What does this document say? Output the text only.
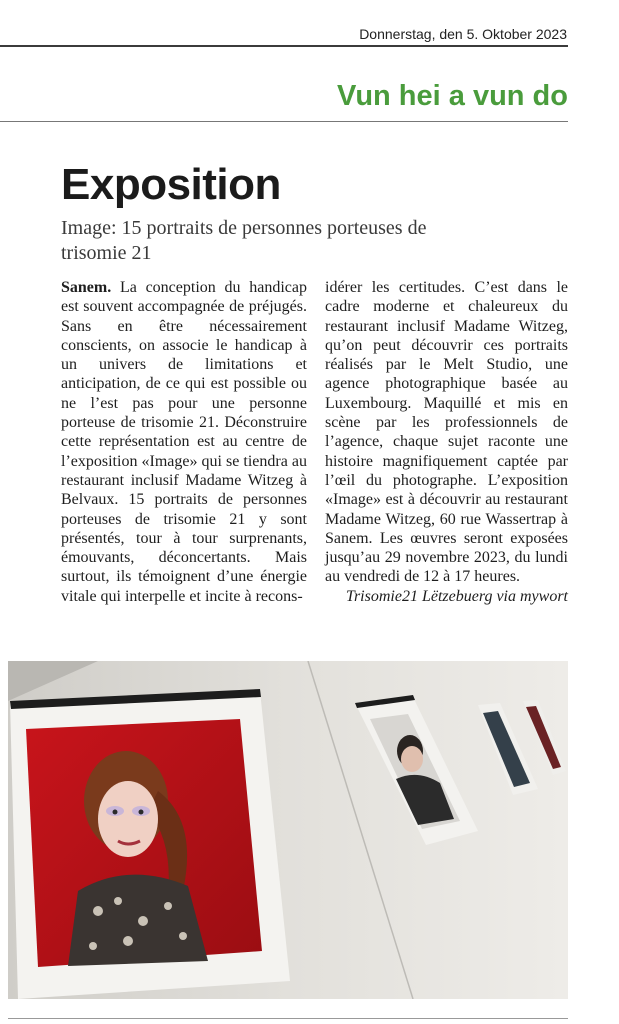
Donnerstag, den 5. Oktober 2023
Vun hei a vun do
Exposition
Image: 15 portraits de personnes porteuses de trisomie 21
Sanem. La conception du handicap est souvent accompagnée de préjugés. Sans en être nécessairement conscients, on associe le handicap à un univers de limitations et anticipation, de ce qui est possible ou ne l’est pas pour une personne porteuse de trisomie 21. Déconstruire cette représentation est au centre de l’exposition «Image» qui se tiendra au restaurant inclusif Madame Witzeg à Belvaux. 15 portraits de personnes porteuses de trisomie 21 y sont présentés, tour à tour surprenants, émouvants, déconcertants. Mais surtout, ils témoignent d’une énergie vitale qui interpelle et incite à recons-
idérer les certitudes. C’est dans le cadre moderne et chaleureux du restaurant inclusif Madame Witzeg, qu’on peut découvrir ces portraits réalisés par le Melt Studio, une agence photographique basée au Luxembourg. Maquillé et mis en scène par les professionnels de l’agence, chaque sujet raconte une histoire magnifiquement captée par l’œil du photographe. L’exposition «Image» est à découvrir au restaurant Madame Witzeg, 60 rue Wassertrap à Sanem. Les œuvres seront exposées jusqu’au 29 novembre 2023, du lundi au vendredi de 12 à 17 heures.
Trisomie21 Lëtzebuerg via mywort
